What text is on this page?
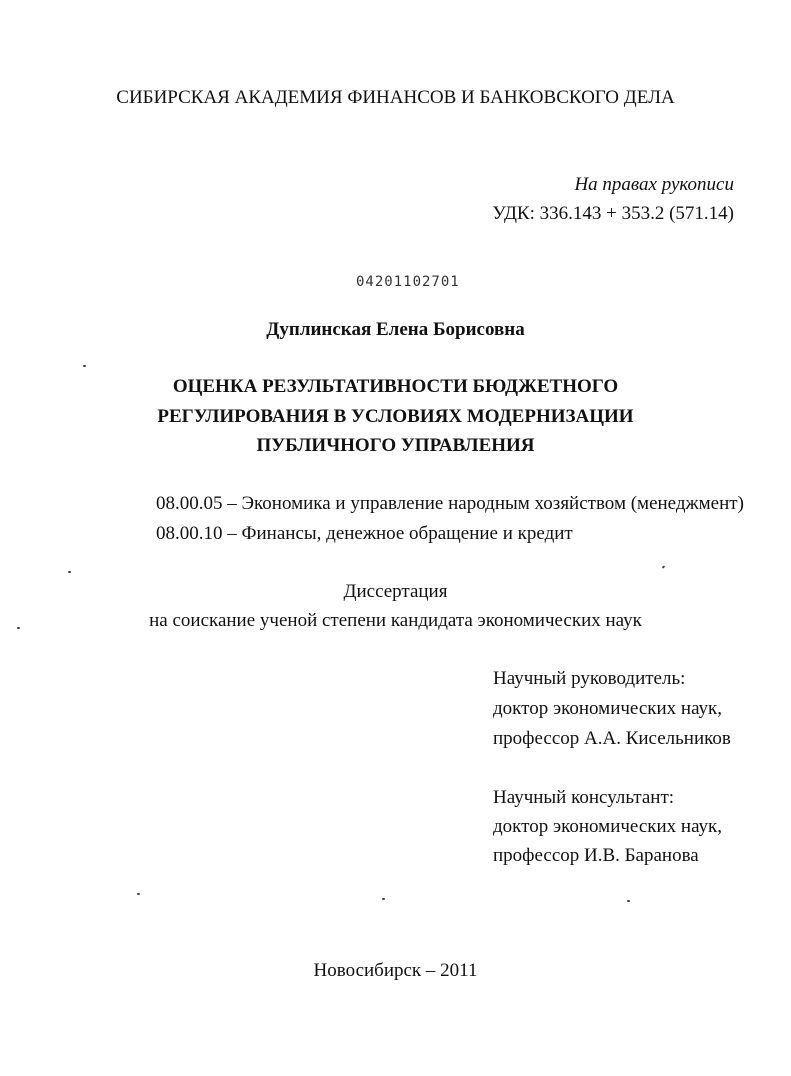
СИБИРСКАЯ АКАДЕМИЯ ФИНАНСОВ И БАНКОВСКОГО ДЕЛА
На правах рукописи
УДК: 336.143 + 353.2 (571.14)
04201102701
Дуплинская Елена Борисовна
ОЦЕНКА РЕЗУЛЬТАТИВНОСТИ БЮДЖЕТНОГО
РЕГУЛИРОВАНИЯ В УСЛОВИЯХ МОДЕРНИЗАЦИИ
ПУБЛИЧНОГО УПРАВЛЕНИЯ
08.00.05 – Экономика и управление народным хозяйством (менеджмент)
08.00.10 – Финансы, денежное обращение и кредит
Диссертация
на соискание ученой степени кандидата экономических наук
Научный руководитель:
доктор экономических наук,
профессор А.А. Кисельников
Научный консультант:
доктор экономических наук,
профессор И.В. Баранова
Новосибирск – 2011
